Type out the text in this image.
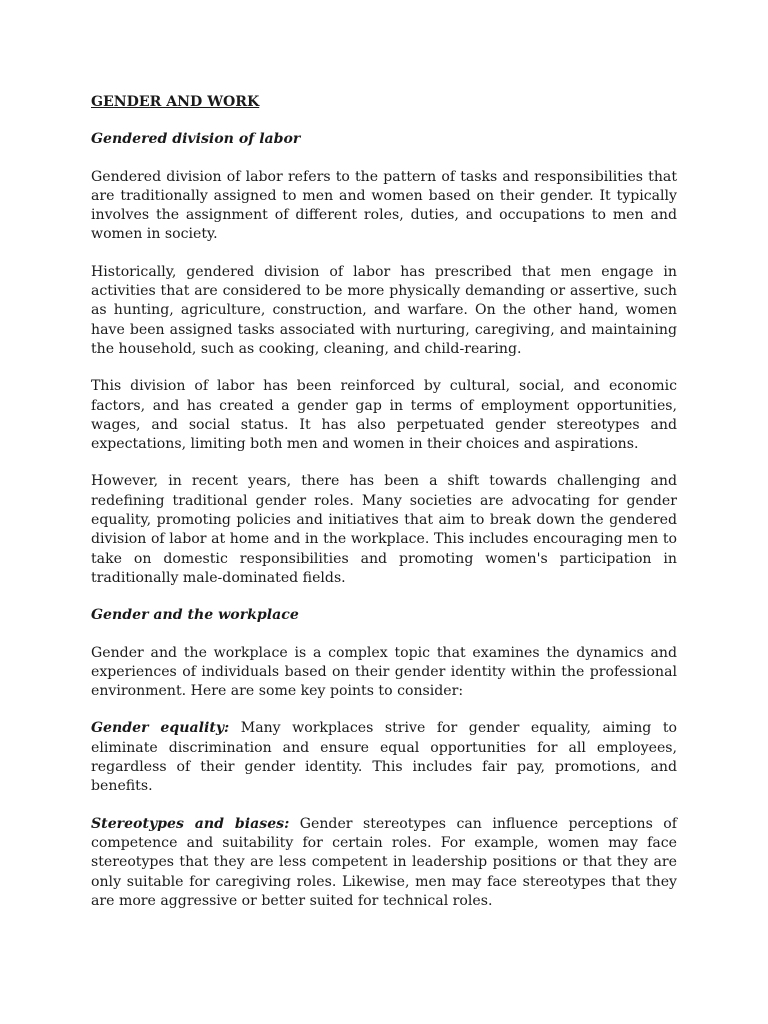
GENDER AND WORK
Gendered division of labor

Gendered division of labor refers to the pattern of tasks and responsibilities that are traditionally assigned to men and women based on their gender. It typically involves the assignment of different roles, duties, and occupations to men and women in society.

Historically, gendered division of labor has prescribed that men engage in activities that are considered to be more physically demanding or assertive, such as hunting, agriculture, construction, and warfare. On the other hand, women have been assigned tasks associated with nurturing, caregiving, and maintaining the household, such as cooking, cleaning, and child-rearing.

This division of labor has been reinforced by cultural, social, and economic factors, and has created a gender gap in terms of employment opportunities, wages, and social status. It has also perpetuated gender stereotypes and expectations, limiting both men and women in their choices and aspirations.

However, in recent years, there has been a shift towards challenging and redefining traditional gender roles. Many societies are advocating for gender equality, promoting policies and initiatives that aim to break down the gendered division of labor at home and in the workplace. This includes encouraging men to take on domestic responsibilities and promoting women's participation in traditionally male-dominated fields.

Gender and the workplace

Gender and the workplace is a complex topic that examines the dynamics and experiences of individuals based on their gender identity within the professional environment. Here are some key points to consider:

Gender equality: Many workplaces strive for gender equality, aiming to eliminate discrimination and ensure equal opportunities for all employees, regardless of their gender identity. This includes fair pay, promotions, and benefits.

Stereotypes and biases: Gender stereotypes can influence perceptions of competence and suitability for certain roles. For example, women may face stereotypes that they are less competent in leadership positions or that they are only suitable for caregiving roles. Likewise, men may face stereotypes that they are more aggressive or better suited for technical roles.
